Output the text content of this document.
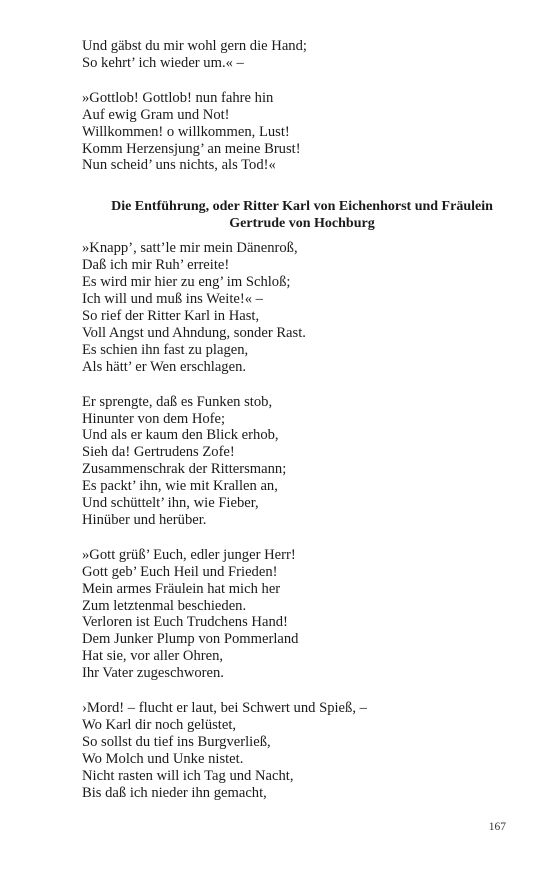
Und gäbst du mir wohl gern die Hand;
So kehrt’ ich wieder um.« –
»Gottlob! Gottlob! nun fahre hin
Auf ewig Gram und Not!
Willkommen! o willkommen, Lust!
Komm Herzensjung’ an meine Brust!
Nun scheid’ uns nichts, als Tod!«
Die Entführung, oder Ritter Karl von Eichenhorst und Fräulein
Gertrude von Hochburg
»Knapp’, satt’le mir mein Dänenroß,
Daß ich mir Ruh’ erreite!
Es wird mir hier zu eng’ im Schloß;
Ich will und muß ins Weite!« –
So rief der Ritter Karl in Hast,
Voll Angst und Ahndung, sonder Rast.
Es schien ihn fast zu plagen,
Als hätt’ er Wen erschlagen.
Er sprengte, daß es Funken stob,
Hinunter von dem Hofe;
Und als er kaum den Blick erhob,
Sieh da! Gertrudens Zofe!
Zusammenschrak der Rittersmann;
Es packt’ ihn, wie mit Krallen an,
Und schüttelt’ ihn, wie Fieber,
Hinüber und herüber.
»Gott grüß’ Euch, edler junger Herr!
Gott geb’ Euch Heil und Frieden!
Mein armes Fräulein hat mich her
Zum letztenmal beschieden.
Verloren ist Euch Trudchens Hand!
Dem Junker Plump von Pommerland
Hat sie, vor aller Ohren,
Ihr Vater zugeschworen.
›Mord! – flucht er laut, bei Schwert und Spieß, –
Wo Karl dir noch gelüstet,
So sollst du tief ins Burgverließ,
Wo Molch und Unke nistet.
Nicht rasten will ich Tag und Nacht,
Bis daß ich nieder ihn gemacht,
167
